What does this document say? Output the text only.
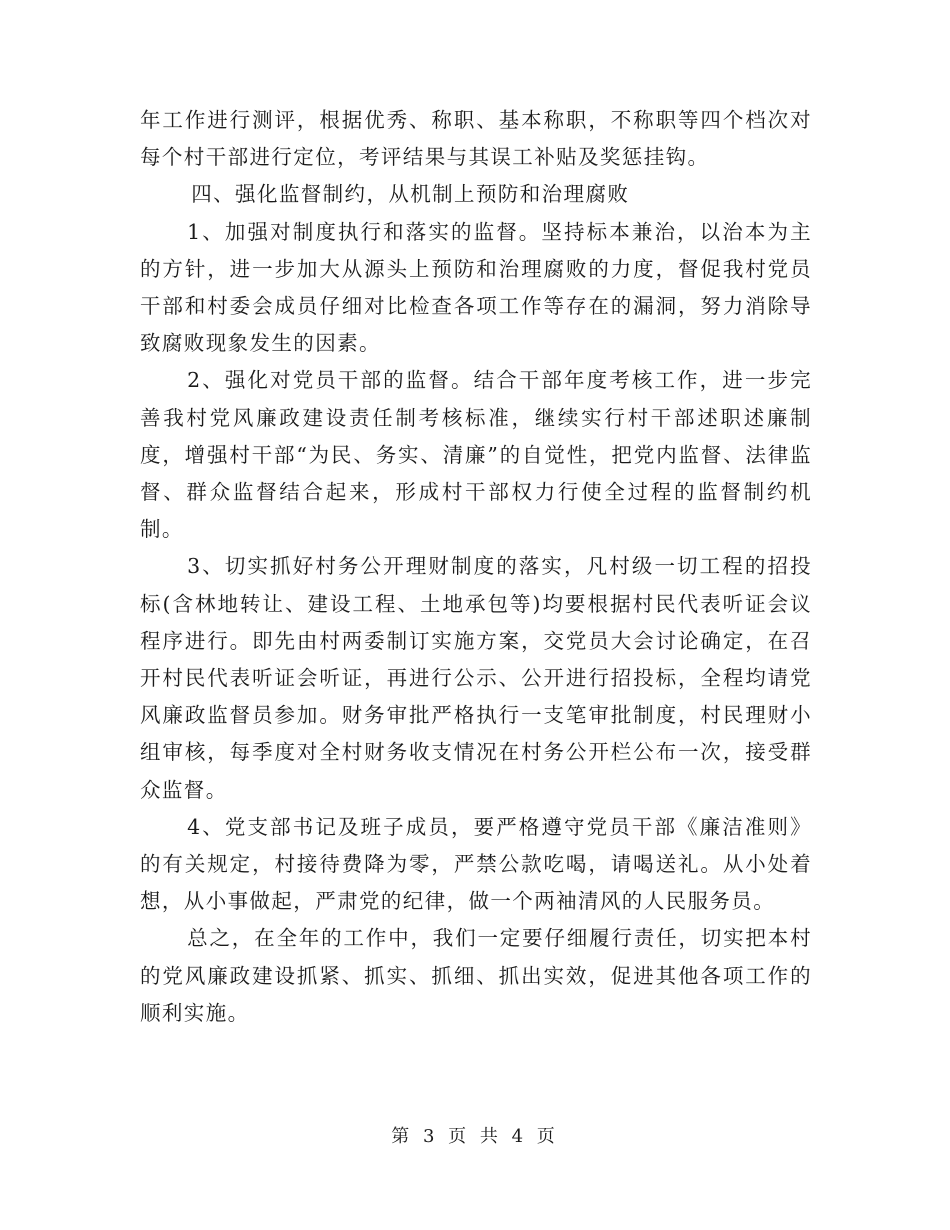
年工作进行测评，根据优秀、称职、基本称职，不称职等四个档次对每个村干部进行定位，考评结果与其误工补贴及奖惩挂钩。

四、强化监督制约，从机制上预防和治理腐败

1、加强对制度执行和落实的监督。坚持标本兼治，以治本为主的方针，进一步加大从源头上预防和治理腐败的力度，督促我村党员干部和村委会成员仔细对比检查各项工作等存在的漏洞，努力消除导致腐败现象发生的因素。

2、强化对党员干部的监督。结合干部年度考核工作，进一步完善我村党风廉政建设责任制考核标准，继续实行村干部述职述廉制度，增强村干部“为民、务实、清廉”的自觉性，把党内监督、法律监督、群众监督结合起来，形成村干部权力行使全过程的监督制约机制。

3、切实抓好村务公开理财制度的落实，凡村级一切工程的招投标(含林地转让、建设工程、土地承包等)均要根据村民代表听证会议程序进行。即先由村两委制订实施方案，交党员大会讨论确定，在召开村民代表听证会听证，再进行公示、公开进行招投标，全程均请党风廉政监督员参加。财务审批严格执行一支笔审批制度，村民理财小组审核，每季度对全村财务收支情况在村务公开栏公布一次，接受群众监督。

4、党支部书记及班子成员，要严格遵守党员干部《廉洁准则》的有关规定，村接待费降为零，严禁公款吃喝，请喝送礼。从小处着想，从小事做起，严肃党的纪律，做一个两袖清风的人民服务员。

总之，在全年的工作中，我们一定要仔细履行责任，切实把本村的党风廉政建设抓紧、抓实、抓细、抓出实效，促进其他各项工作的顺利实施。

第 3 页 共 4 页
